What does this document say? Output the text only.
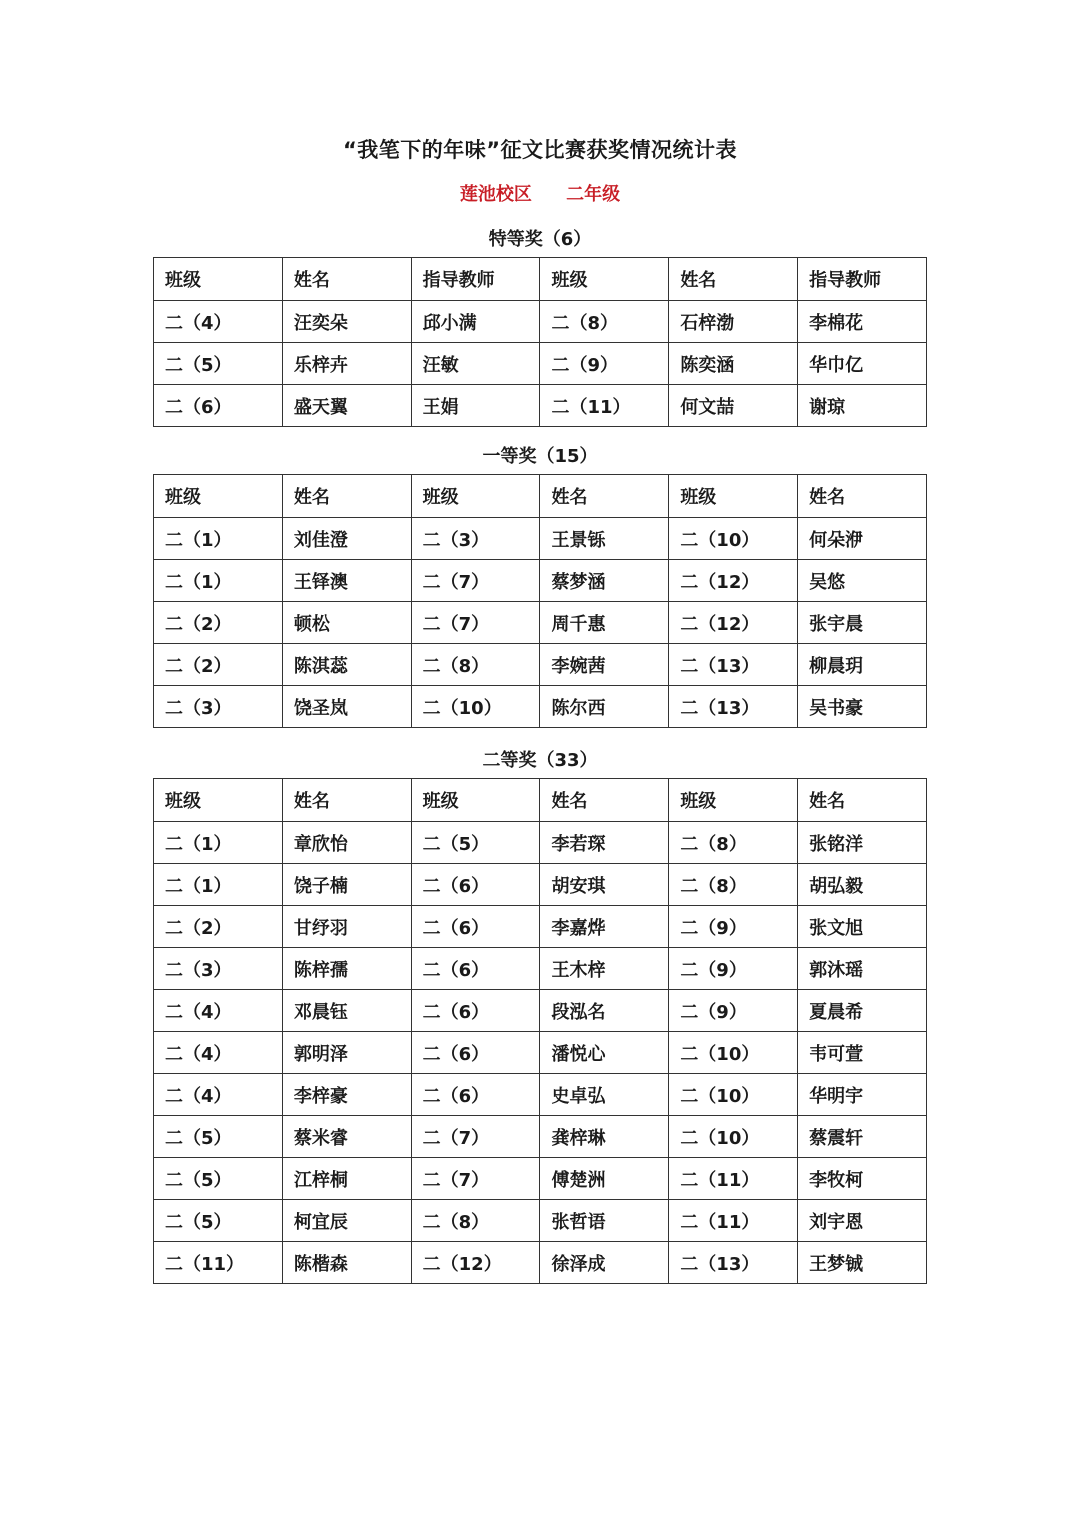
“我笔下的年味”征文比赛获奖情况统计表
莲池校区 二年级
特等奖（6）
班级	姓名	指导教师	班级	姓名	指导教师
二（4）	汪奕朵	邱小满	二（8）	石梓渤	李棉花
二（5）	乐梓卉	汪敏	二（9）	陈奕涵	华巾亿
二（6）	盛天翼	王娟	二（11）	何文喆	谢琼
一等奖（15）
班级	姓名	班级	姓名	班级	姓名
二（1）	刘佳澄	二（3）	王景铄	二（10）	何朵洢
二（1）	王铎澳	二（7）	蔡梦涵	二（12）	吴悠
二（2）	顿松	二（7）	周千惠	二（12）	张宇晨
二（2）	陈淇蕊	二（8）	李婉茜	二（13）	柳晨玥
二（3）	饶圣岚	二（10）	陈尔西	二（13）	吴书豪
二等奖（33）
班级	姓名	班级	姓名	班级	姓名
二（1）	章欣怡	二（5）	李若琛	二（8）	张铭洋
二（1）	饶子楠	二（6）	胡安琪	二（8）	胡弘毅
二（2）	甘纾羽	二（6）	李嘉烨	二（9）	张文旭
二（3）	陈梓孺	二（6）	王木梓	二（9）	郭沐瑶
二（4）	邓晨钰	二（6）	段泓名	二（9）	夏晨希
二（4）	郭明泽	二（6）	潘悦心	二（10）	韦可萱
二（4）	李梓豪	二（6）	史卓弘	二（10）	华明宇
二（5）	蔡米睿	二（7）	龚梓琳	二（10）	蔡震轩
二（5）	江梓桐	二（7）	傅楚洲	二（11）	李牧柯
二（5）	柯宜辰	二（8）	张哲语	二（11）	刘宇恩
二（11）	陈楷森	二（12）	徐泽成	二（13）	王梦铖
